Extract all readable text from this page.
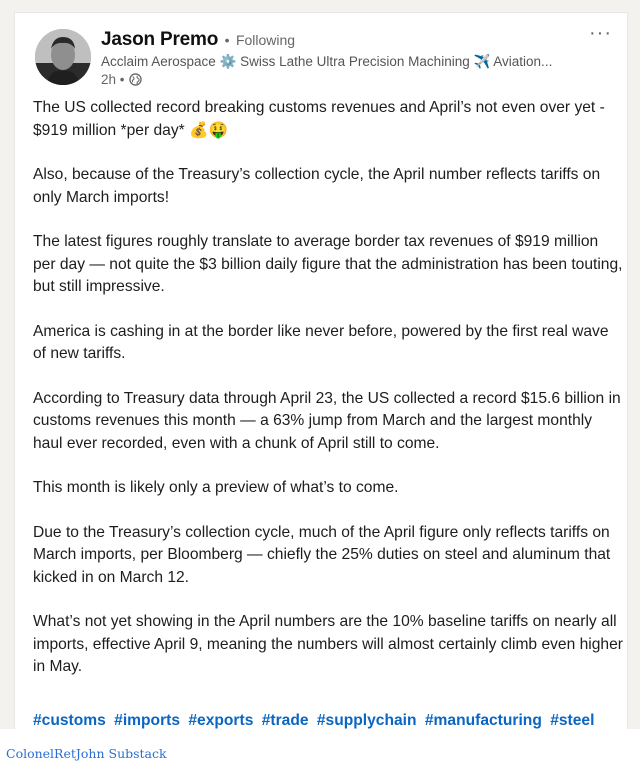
Jason Premo • Following
Acclaim Aerospace ⚙️ Swiss Lathe Ultra Precision Machining ✈️ Aviation...
2h •
···

The US collected record breaking customs revenues and April’s not even over yet - $919 million *per day* 💰🤑

Also, because of the Treasury’s collection cycle, the April number reflects tariffs on only March imports!

The latest figures roughly translate to average border tax revenues of $919 million per day — not quite the $3 billion daily figure that the administration has been touting, but still impressive.

America is cashing in at the border like never before, powered by the first real wave of new tariffs.

According to Treasury data through April 23, the US collected a record $15.6 billion in customs revenues this month — a 63% jump from March and the largest monthly haul ever recorded, even with a chunk of April still to come.

This month is likely only a preview of what’s to come.

Due to the Treasury’s collection cycle, much of the April figure only reflects tariffs on March imports, per Bloomberg — chiefly the 25% duties on steel and aluminum that kicked in on March 12.

What’s not yet showing in the April numbers are the 10% baseline tariffs on nearly all imports, effective April 9, meaning the numbers will almost certainly climb even higher in May.

#customs #imports #exports #trade #supplychain #manufacturing #steel
ColonelRetJohn Substack
